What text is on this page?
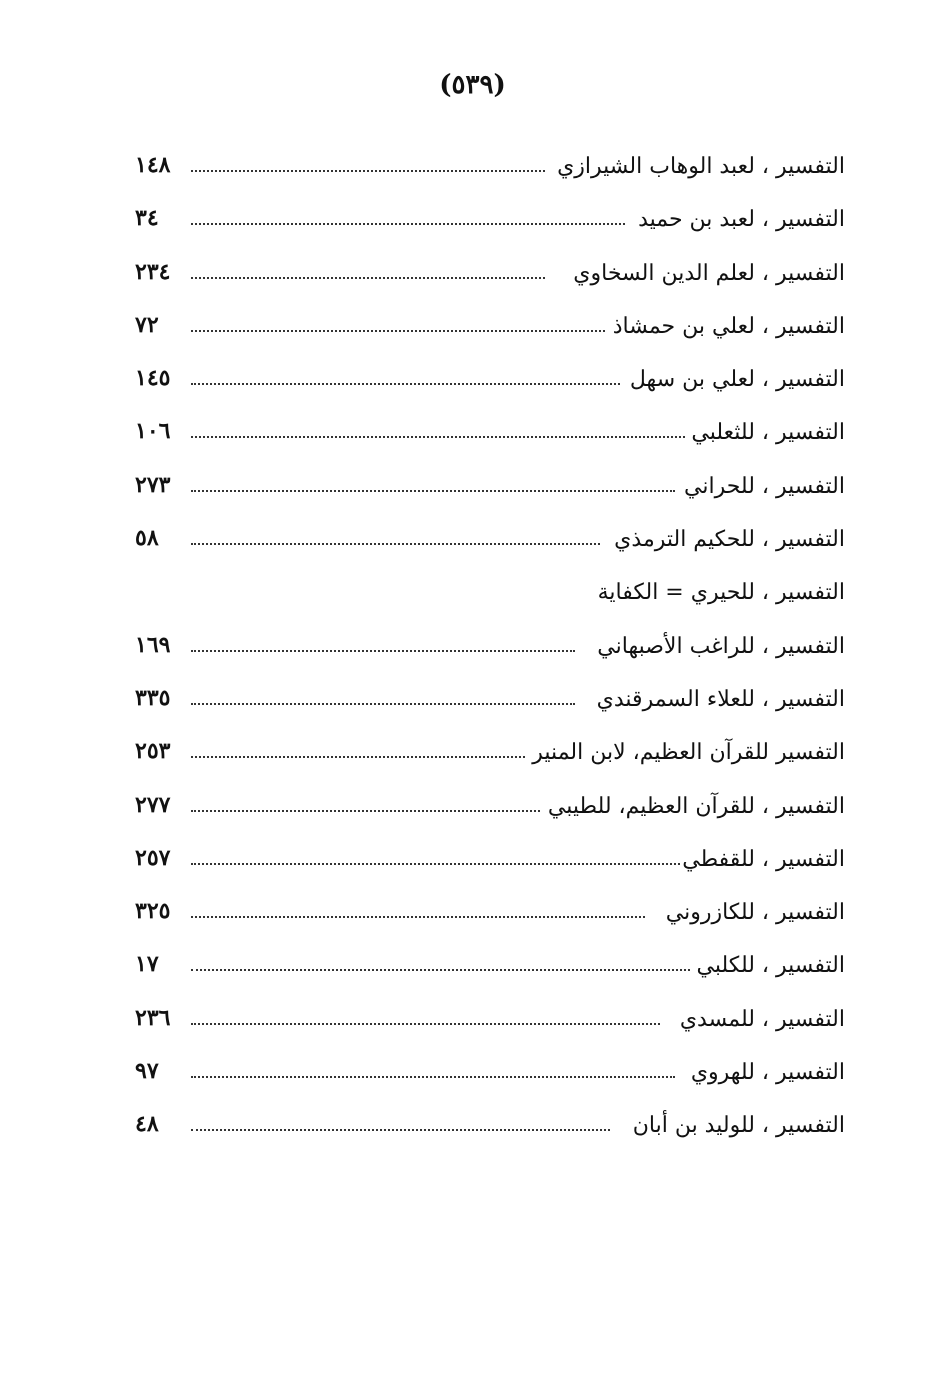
(٥٣٩)
التفسير ، لعبد الوهاب الشيرازي
١٤٨
التفسير ، لعبد بن حميد
٣٤
التفسير ، لعلم الدين السخاوي
٢٣٤
التفسير ، لعلي بن حمشاذ
٧٢
التفسير ، لعلي بن سهل
١٤٥
التفسير ، للثعلبي
١٠٦
التفسير ، للحراني
٢٧٣
التفسير ، للحكيم الترمذي
٥٨
التفسير ، للحيري = الكفاية
التفسير ، للراغب الأصبهاني
١٦٩
التفسير ، للعلاء السمرقندي
٣٣٥
التفسير للقرآن العظيم، لابن المنير
٢٥٣
التفسير ، للقرآن العظيم، للطيبي
٢٧٧
التفسير ، للقفطي
٢٥٧
التفسير ، للكازروني
٣٢٥
التفسير ، للكلبي
١٧
التفسير ، للمسدي
٢٣٦
التفسير ، للهروي
٩٧
التفسير ، للوليد بن أبان
٤٨
